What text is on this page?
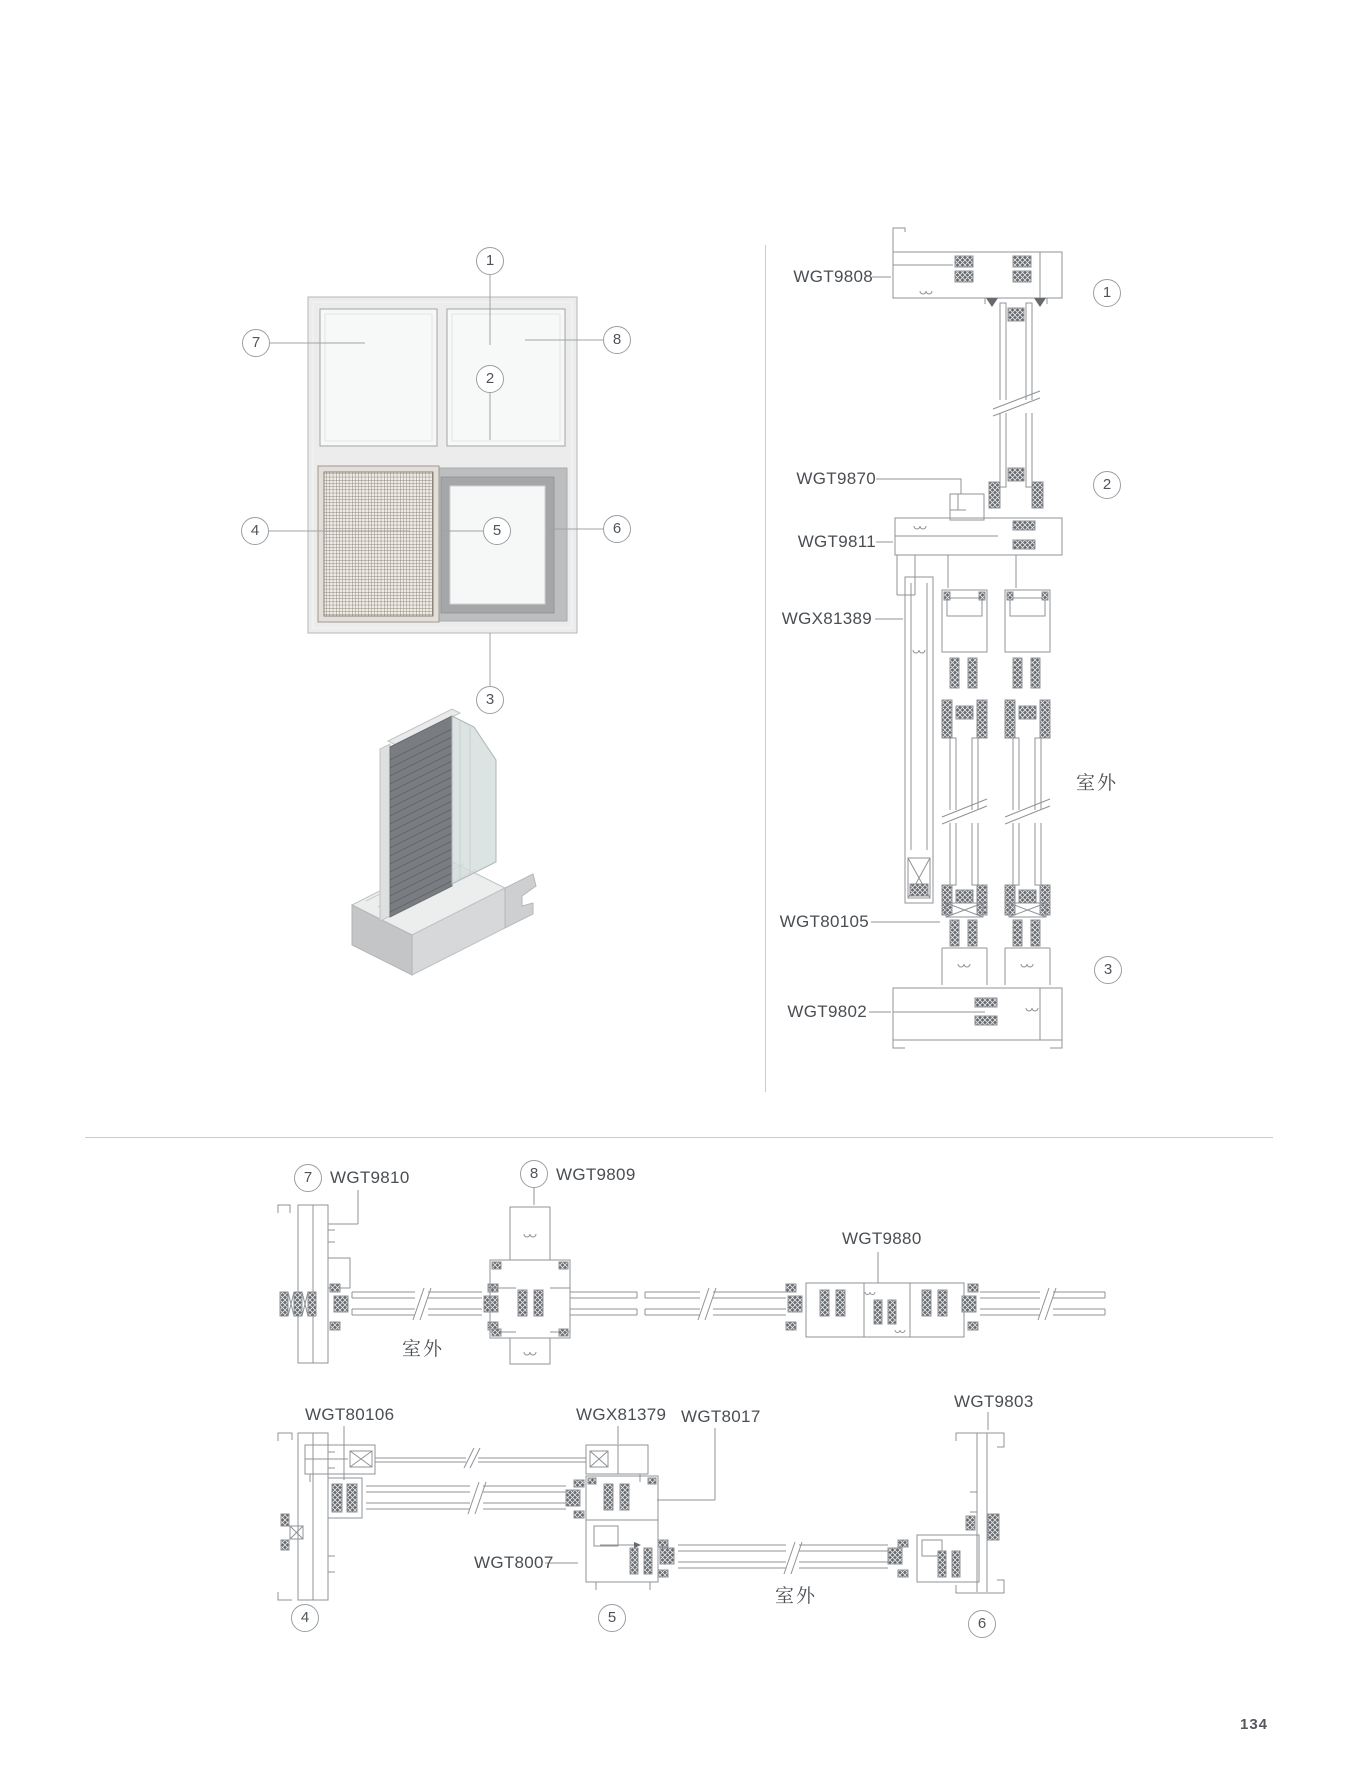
1
2
3
4	5	6
7	8
WGT9808
WGT9870
WGT9811
WGX81389
WGT80105
WGT9802
1
2
3
室外
7	WGT9810	8	WGT9809
室外
WGT9880
WGT80106	WGX81379 WGT8017
WGT9803
WGT8007
4	5	6
室外
134
